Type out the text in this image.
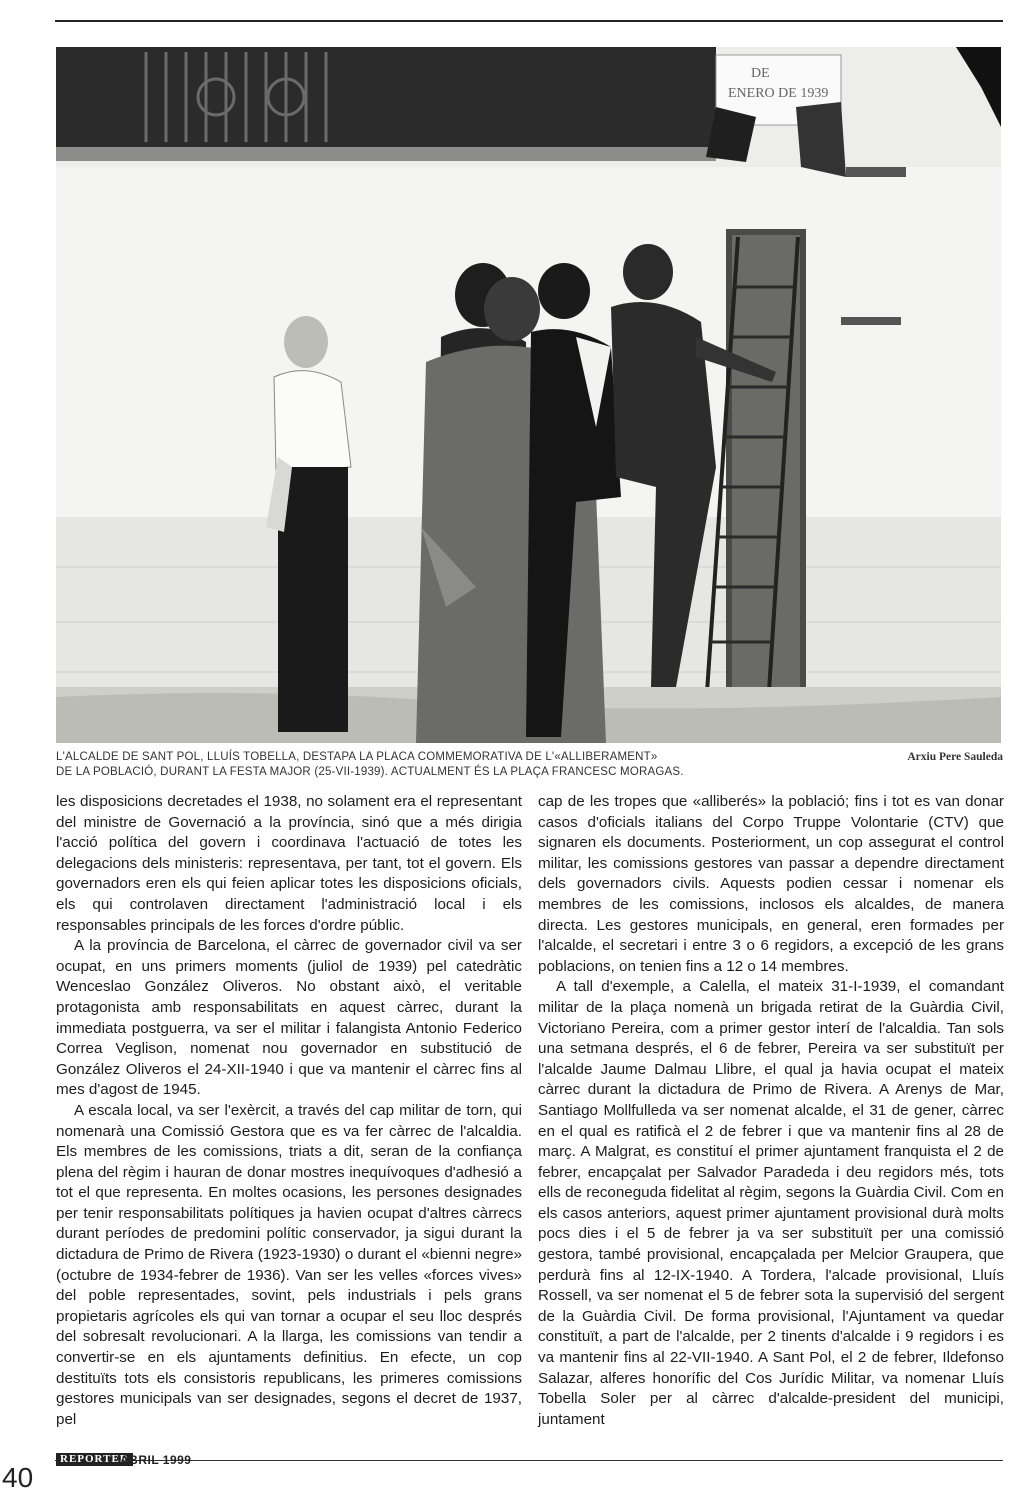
DE
ENERO DE 1939
L'ALCALDE DE SANT POL, LLUÍS TOBELLA, DESTAPA LA PLACA COMMEMORATIVA DE L'«ALLIBERAMENT»
DE LA POBLACIÓ, DURANT LA FESTA MAJOR (25-VII-1939). ACTUALMENT ÉS LA PLAÇA FRANCESC MORAGAS.
Arxiu Pere Sauleda

les disposicions decretades el 1938, no solament era el representant del ministre de Governació a la província, sinó que a més dirigia l'acció política del govern i coordinava l'actuació de totes les delegacions dels ministeris: representava, per tant, tot el govern. Els governadors eren els qui feien aplicar totes les disposicions oficials, els qui controlaven directament l'administració local i els responsables principals de les forces d'ordre públic.

A la província de Barcelona, el càrrec de governador civil va ser ocupat, en uns primers moments (juliol de 1939) pel catedràtic Wenceslao González Oliveros. No obstant això, el veritable protagonista amb responsabilitats en aquest càrrec, durant la immediata postguerra, va ser el militar i falangista Antonio Federico Correa Veglison, nomenat nou governador en substitució de González Oliveros el 24-XII-1940 i que va mantenir el càrrec fins al mes d'agost de 1945.

A escala local, va ser l'exèrcit, a través del cap militar de torn, qui nomenarà una Comissió Gestora que es va fer càrrec de l'alcaldia. Els membres de les comissions, triats a dit, seran de la confiança plena del règim i hauran de donar mostres inequívoques d'adhesió a tot el que representa. En moltes ocasions, les persones designades per tenir responsabilitats polítiques ja havien ocupat d'altres càrrecs durant períodes de predomini polític conservador, ja sigui durant la dictadura de Primo de Rivera (1923-1930) o durant el «bienni negre» (octubre de 1934-febrer de 1936). Van ser les velles «forces vives» del poble representades, sovint, pels industrials i pels grans propietaris agrícoles els qui van tornar a ocupar el seu lloc després del sobresalt revolucionari. A la llarga, les comissions van tendir a convertir-se en els ajuntaments definitius. En efecte, un cop destituïts tots els consistoris republicans, les primeres comissions gestores municipals van ser designades, segons el decret de 1937, pel

cap de les tropes que «alliberés» la població; fins i tot es van donar casos d'oficials italians del Corpo Truppe Volontarie (CTV) que signaren els documents. Posteriorment, un cop assegurat el control militar, les comissions gestores van passar a dependre directament dels governadors civils. Aquests podien cessar i nomenar els membres de les comissions, inclosos els alcaldes, de manera directa. Les gestores municipals, en general, eren formades per l'alcalde, el secretari i entre 3 o 6 regidors, a excepció de les grans poblacions, on tenien fins a 12 o 14 membres.

A tall d'exemple, a Calella, el mateix 31-I-1939, el comandant militar de la plaça nomenà un brigada retirat de la Guàrdia Civil, Victoriano Pereira, com a primer gestor interí de l'alcaldia. Tan sols una setmana després, el 6 de febrer, Pereira va ser substituït per l'alcalde Jaume Dalmau Llibre, el qual ja havia ocupat el mateix càrrec durant la dictadura de Primo de Rivera. A Arenys de Mar, Santiago Mollfulleda va ser nomenat alcalde, el 31 de gener, càrrec en el qual es ratificà el 2 de febrer i que va mantenir fins al 28 de març. A Malgrat, es constituí el primer ajuntament franquista el 2 de febrer, encapçalat per Salvador Paradeda i deu regidors més, tots ells de reconeguda fidelitat al règim, segons la Guàrdia Civil. Com en els casos anteriors, aquest primer ajuntament provisional durà molts pocs dies i el 5 de febrer ja va ser substituït per una comissió gestora, també provisional, encapçalada per Melcior Graupera, que perdurà fins al 12-IX-1940. A Tordera, l'alcade provisional, Lluís Rossell, va ser nomenat el 5 de febrer sota la supervisió del sergent de la Guàrdia Civil. De forma provisional, l'Ajuntament va quedar constituït, a part de l'alcalde, per 2 tinents d'alcalde i 9 regidors i es va mantenir fins al 22-VII-1940. A Sant Pol, el 2 de febrer, Ildefonso Salazar, alferes honorífic del Cos Jurídic Militar, va nomenar Lluís Tobella Soler per al càrrec d'alcalde-president del municipi, juntament

40
REPORTER
ABRIL 1999
